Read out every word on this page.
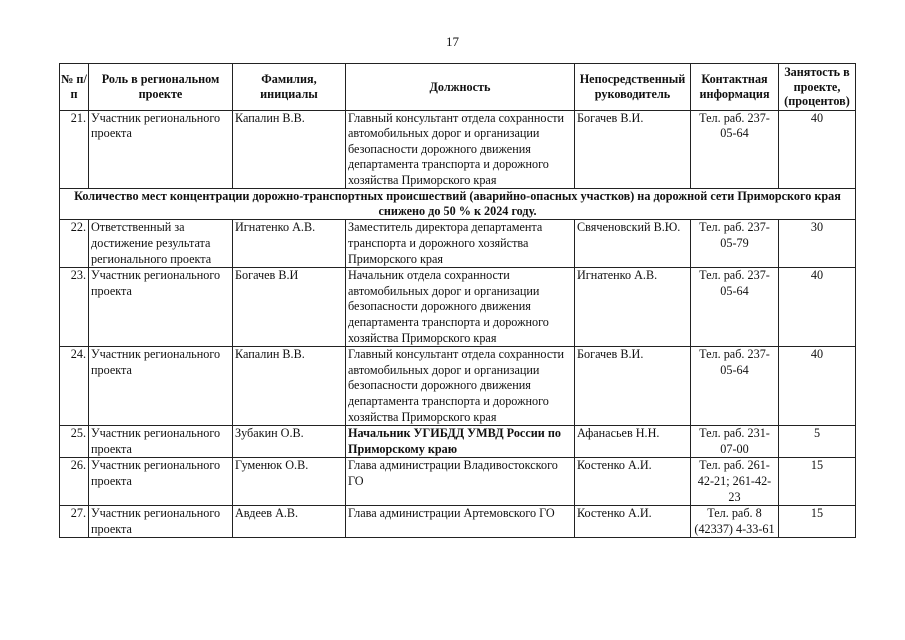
17
№ п/п	Роль в региональном проекте	Фамилия, инициалы	Должность	Непосредственный руководитель	Контактная информация	Занятость в проекте, (процентов)
21.	Участник регионального проекта	Капалин В.В.	Главный консультант отдела сохранности автомобильных дорог и организации безопасности дорожного движения департамента транспорта и дорожного хозяйства Приморского края	Богачев В.И.	Тел. раб. 237-05-64	40
Количество мест концентрации дорожно-транспортных происшествий (аварийно-опасных участков) на дорожной сети Приморского края снижено до 50 % к 2024 году.						
22.	Ответственный за достижение результата регионального проекта	Игнатенко А.В.	Заместитель директора департамента транспорта и дорожного хозяйства Приморского края	Свяченовский В.Ю.	Тел. раб. 237-05-79	30
23.	Участник регионального проекта	Богачев В.И	Начальник отдела сохранности автомобильных дорог и организации безопасности дорожного движения департамента транспорта и дорожного хозяйства Приморского края	Игнатенко А.В.	Тел. раб. 237-05-64	40
24.	Участник регионального проекта	Капалин В.В.	Главный консультант отдела сохранности автомобильных дорог и организации безопасности дорожного движения департамента транспорта и дорожного хозяйства Приморского края	Богачев В.И.	Тел. раб. 237-05-64	40
25.	Участник регионального проекта	Зубакин О.В.	Начальник УГИБДД УМВД России по Приморскому краю	Афанасьев Н.Н.	Тел. раб. 231-07-00	5
26.	Участник регионального проекта	Гуменюк О.В.	Глава администрации Владивостокского ГО	Костенко А.И.	Тел. раб. 261-42-21; 261-42-23	15
27.	Участник регионального проекта	Авдеев А.В.	Глава администрации Артемовского ГО	Костенко А.И.	Тел. раб. 8 (42337) 4-33-61	15
